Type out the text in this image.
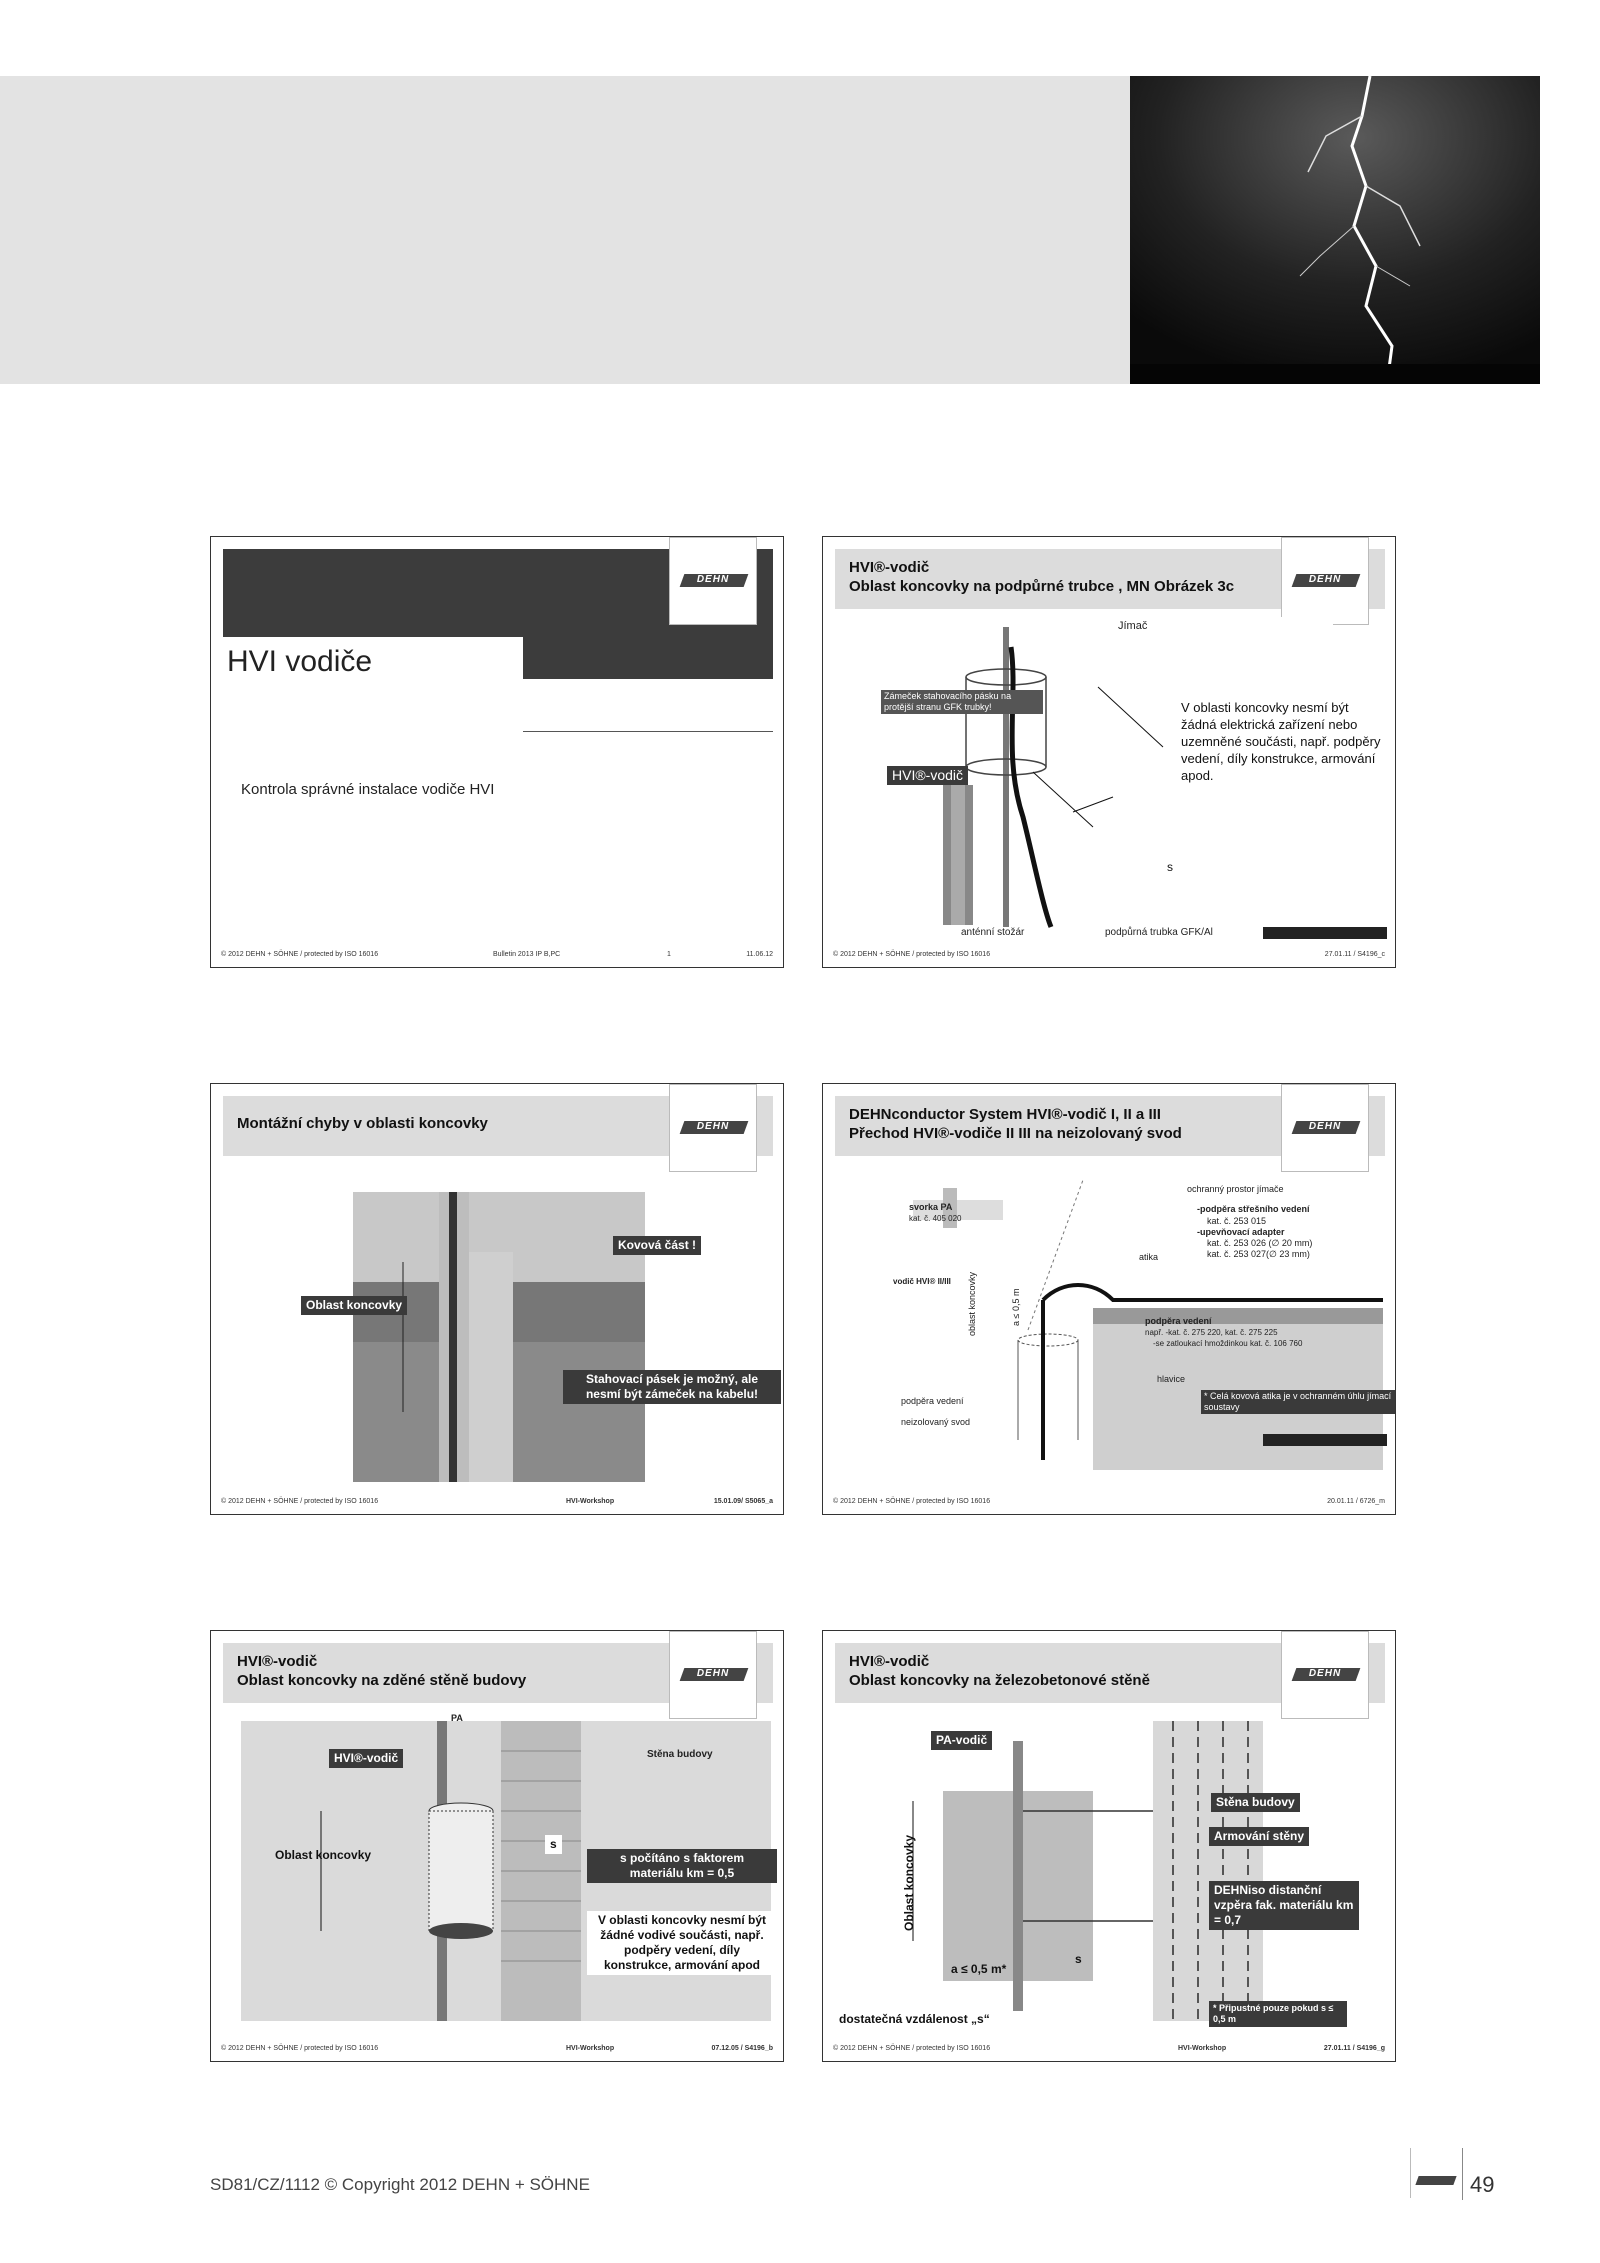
HVI vodiče
Kontrola správné instalace vodiče HVI
DEHN
© 2012 DEHN + SÖHNE / protected by ISO 16016	Bulletin 2013 IP B,PC	1	11.06.12
HVI®-vodič
Oblast koncovky na podpůrné trubce , MN Obrázek 3c	DEHN
Jímač
Zámeček stahovacího pásku na protější stranu GFK trubky!
HVI®-vodič
V oblasti koncovky nesmí být žádná elektrická zařízení nebo uzemněné součásti, např. podpěry vedení, díly konstrukce, armování apod.
s
anténní stožár	podpůrná trubka GFK/Al
© 2012 DEHN + SÖHNE / protected by ISO 16016	27.01.11 / S4196_c
Montážní chyby v oblasti koncovky	DEHN
Kovová část !
Oblast koncovky
Stahovací pásek je možný, ale nesmí být zámeček na kabelu!
© 2012 DEHN + SÖHNE / protected by ISO 16016	HVI-Workshop	15.01.09/ S5065_a
DEHNconductor System HVI®-vodič I, II a III
Přechod HVI®-vodiče II III na neizolovaný svod	DEHN
ochranný prostor jímače
svorka PA
kat. č. 405 020
-podpěra střešního vedení
kat. č. 253 015
-upevňovací adapter
kat. č. 253 026 (∅ 20 mm)
kat. č. 253 027(∅ 23 mm)
atika
vodič HVI® II/III oblast koncovky	a ≤ 0,5 m	podpěra vedení
např. -kat. č. 275 220, kat. č. 275 225
-se zatloukací hmoždinkou kat. č. 106 760
hlavice
podpěra vedení
neizolovaný svod
* Celá kovová atika je v ochranném úhlu jímací soustavy
© 2012 DEHN + SÖHNE / protected by ISO 16016	20.01.11 / 6726_m
HVI®-vodič
Oblast koncovky na zděné stěně budovy	DEHN
PA
HVI®-vodič	Stěna budovy
Oblast koncovky
s
s počítáno s faktorem materiálu km = 0,5
V oblasti koncovky nesmí být žádné vodivé součásti, např. podpěry vedení, díly konstrukce, armování apod
© 2012 DEHN + SÖHNE / protected by ISO 16016	HVI-Workshop	07.12.05 / S4196_b
HVI®-vodič
Oblast koncovky na železobetonové stěně	DEHN
PA-vodič
Stěna budovy
Armování stěny
Oblast koncovky	DEHNiso distanční vzpěra fak. materiálu km = 0,7
a ≤ 0,5 m*
s
dostatečná vzdálenost „s“
* Připustné pouze pokud s ≤ 0,5 m
© 2012 DEHN + SÖHNE / protected by ISO 16016	HVI-Workshop	27.01.11 / S4196_g
SD81/CZ/1112 © Copyright 2012 DEHN + SÖHNE	49
